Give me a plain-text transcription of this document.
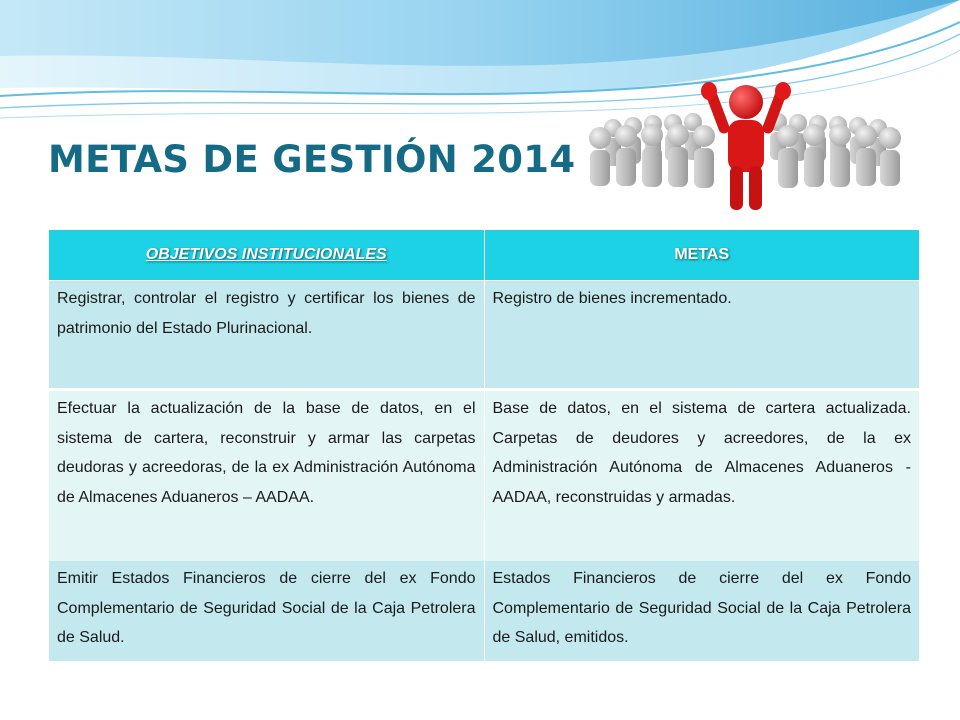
METAS DE GESTIÓN 2014
OBJETIVOS INSTITUCIONALES	METAS
Registrar, controlar el registro y certificar los bienes de patrimonio del Estado Plurinacional.	Registro de bienes incrementado.
Efectuar la actualización de la base de datos, en el sistema de cartera, reconstruir y armar las carpetas deudoras y acreedoras, de la ex Administración Autónoma de Almacenes Aduaneros – AADAA.	Base de datos, en el sistema de cartera actualizada. Carpetas de deudores y acreedores, de la ex Administración Autónoma de Almacenes Aduaneros - AADAA, reconstruidas y armadas.
Emitir Estados Financieros de cierre del ex Fondo Complementario de Seguridad Social de la Caja Petrolera de Salud.	Estados Financieros de cierre del ex Fondo Complementario de Seguridad Social de la Caja Petrolera de Salud, emitidos.
